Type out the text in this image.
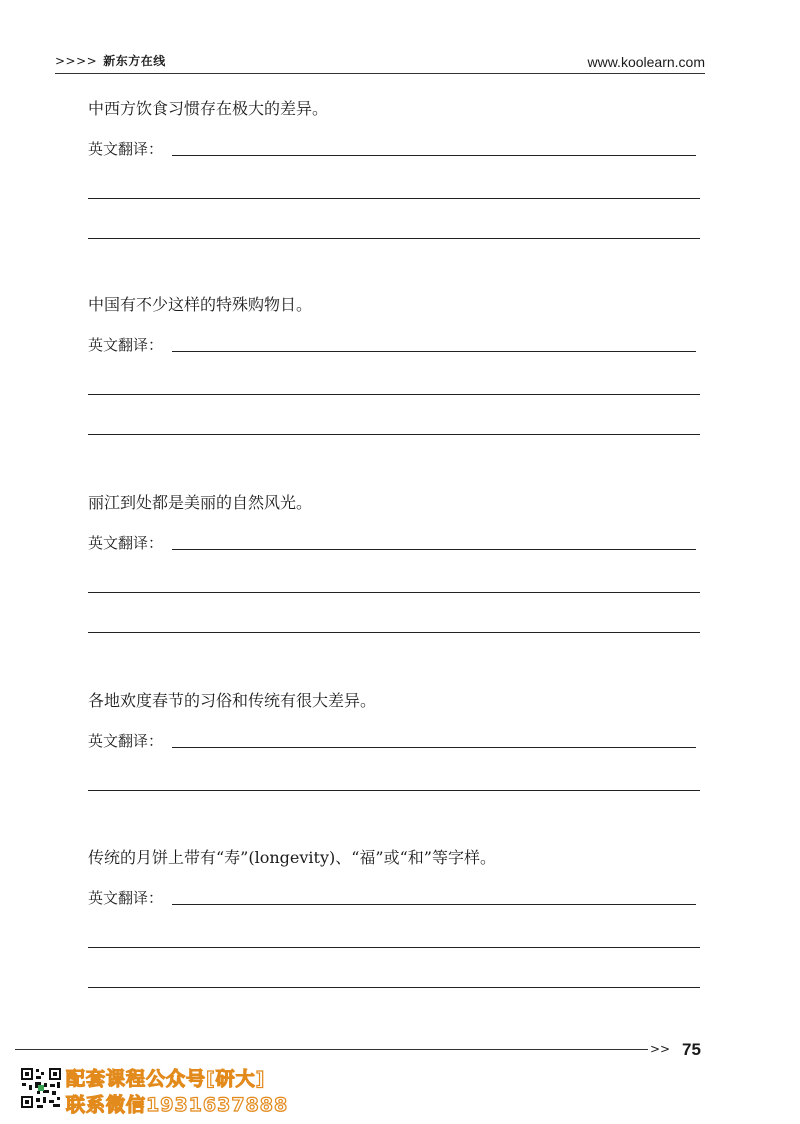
>>>> 新东方在线	www.koolearn.com
中西方饮食习惯存在极大的差异。
英文翻译：
中国有不少这样的特殊购物日。
英文翻译：
丽江到处都是美丽的自然风光。
英文翻译：
各地欢度春节的习俗和传统有很大差异。
英文翻译：
传统的月饼上带有“寿”(longevity)、“福”或“和”等字样。
英文翻译：
>> 75
配套课程公众号[研大]
联系微信1931637888
